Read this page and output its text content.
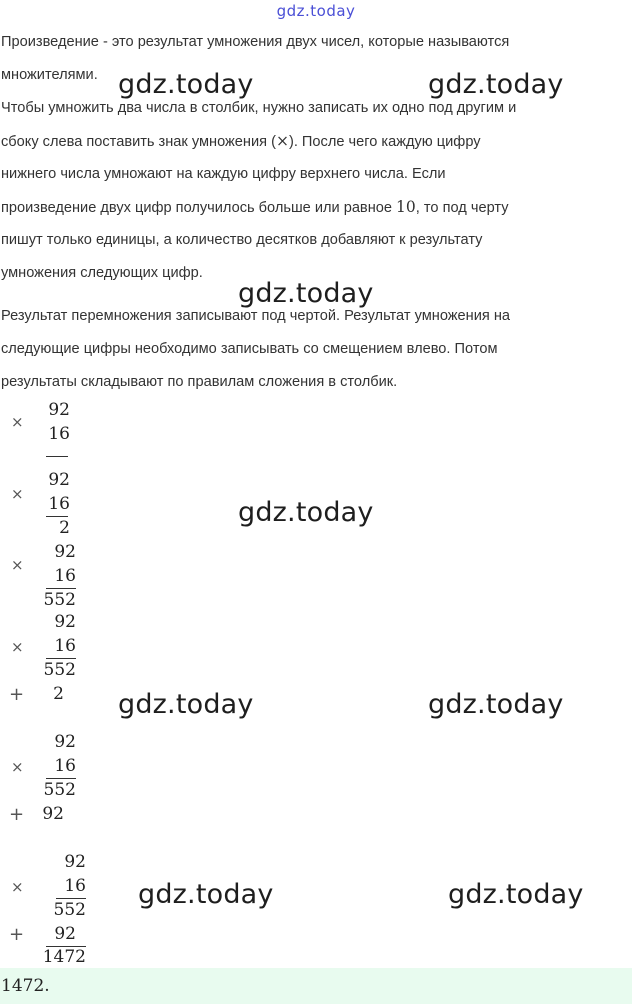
gdz.today
Произведение - это результат умножения двух чисел, которые называются
множителями.
Чтобы умножить два числа в столбик, нужно записать их одно под другим и
сбоку слева поставить знак умножения (×). После чего каждую цифру
нижнего числа умножают на каждую цифру верхнего числа. Если
произведение двух цифр получилось больше или равное 10, то под черту
пишут только единицы, а количество десятков добавляют к результату
умножения следующих цифр.
Результат перемножения записывают под чертой. Результат умножения на
следующие цифры необходимо записывать со смещением влево. Потом
результаты складывают по правилам сложения в столбик.
×
92
16
×
92
16
2
×
92
16
552
×
92
16
552
+	2
×
92
16
552
+	92
×
92
16
552
+	92
1472
1472.
gdz.today	gdz.today
gdz.today
gdz.today
gdz.today	gdz.today
gdz.today	gdz.today
